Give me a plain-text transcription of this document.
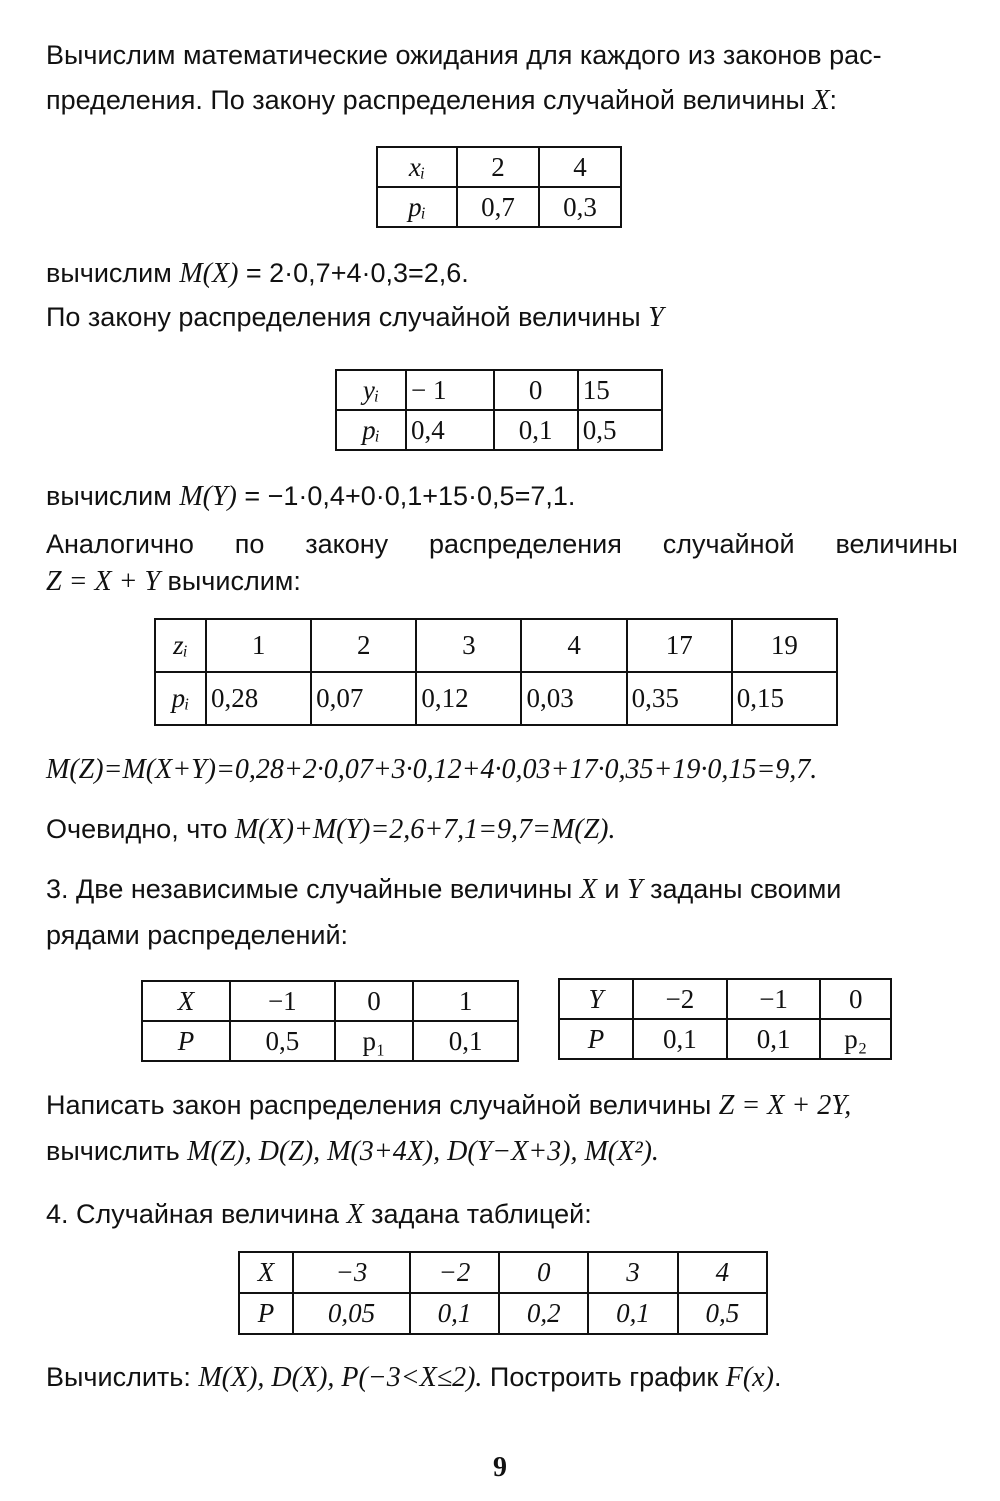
Вычислим математические ожидания для каждого из законов рас-
пределения. По закону распределения случайной величины X:
xᵢ	2	4
pᵢ	0,7	0,3
вычислим M(X) = 2·0,7+4·0,3=2,6.
По закону распределения случайной величины Y
yᵢ	− 1	0	15
pᵢ	0,4	0,1	0,5
вычислим M(Y) = −1·0,4+0·0,1+15·0,5=7,1.
Аналогично по закону распределения случайной величины
Z = X + Y вычислим:
zᵢ	1	2	3	4	17	19
pᵢ	0,28	0,07	0,12	0,03	0,35	0,15
M(Z)=M(X+Y)=0,28+2·0,07+3·0,12+4·0,03+17·0,35+19·0,15=9,7.
Очевидно, что M(X)+M(Y)=2,6+7,1=9,7=M(Z).
3. Две независимые случайные величины X и Y заданы своими
рядами распределений:
X	−1	0	1
P	0,5	p₁	0,1
Y	−2	−1	0
P	0,1	0,1	p₂
Написать закон распределения случайной величины Z = X + 2Y,
вычислить M(Z), D(Z), M(3+4X), D(Y−X+3), M(X²).
4. Случайная величина X задана таблицей:
X	−3	−2	0	3	4
P	0,05	0,1	0,2	0,1	0,5
Вычислить: M(X), D(X), P(−3<X≤2). Построить график F(x).
9
